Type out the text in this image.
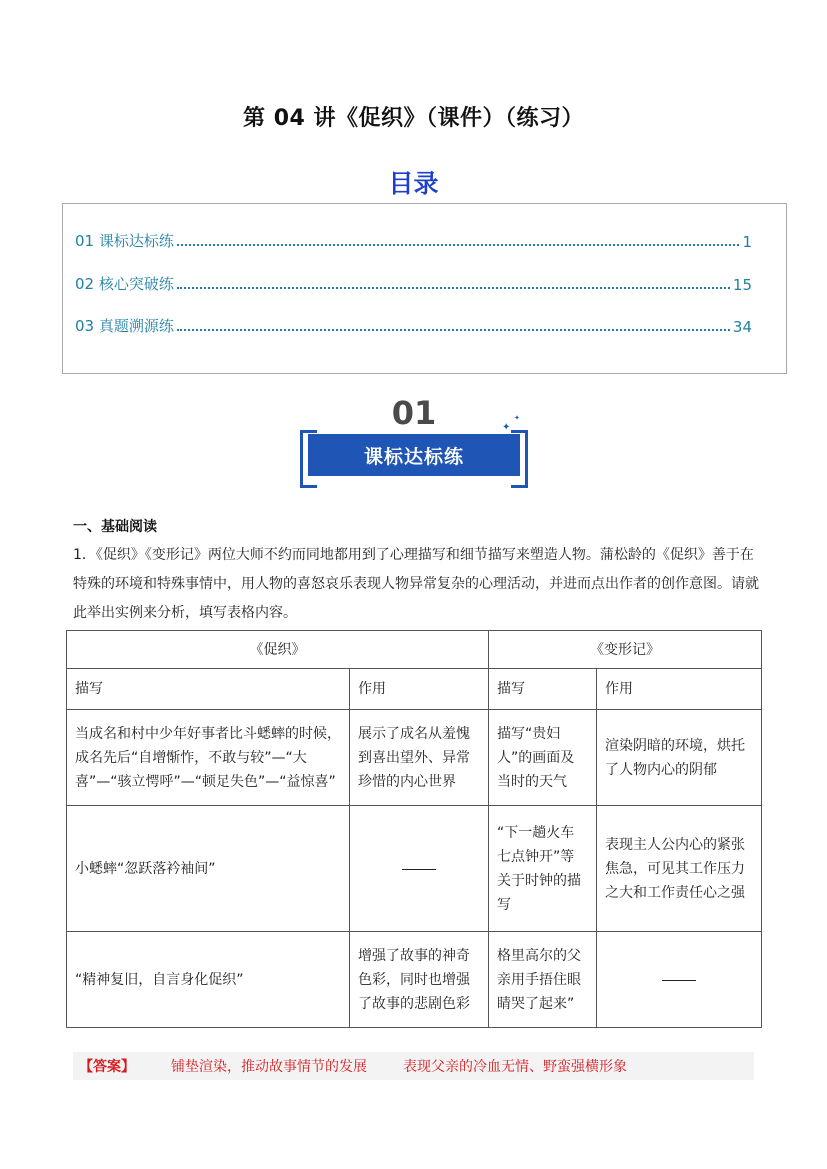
第 04 讲《促织》（课件）（练习）
目录
01 课标达标练	1
02 核心突破练	15
03 真题溯源练	34
01
课标达标练
✦
✦
一、基础阅读
1．《促织》《变形记》两位大师不约而同地都用到了心理描写和细节描写来塑造人物。蒲松龄的《促织》善于在特殊的环境和特殊事情中，用人物的喜怒哀乐表现人物异常复杂的心理活动，并进而点出作者的创作意图。请就此举出实例来分析，填写表格内容。
《促织》		《变形记》	
描写	作用	描写	作用
当成名和村中少年好事者比斗蟋蟀的时候，成名先后“自增惭怍，不敢与较”—“大喜”—“骇立愕呼”—“顿足失色”—“益惊喜”	展示了成名从羞愧到喜出望外、异常珍惜的内心世界	描写“贵妇人”的画面及当时的天气	渲染阴暗的环境，烘托了人物内心的阴郁
小蟋蟀“忽跃落衿袖间”		“下一趟火车七点钟开”等关于时钟的描写	表现主人公内心的紧张焦急，可见其工作压力之大和工作责任心之强
“精神复旧，自言身化促织”	增强了故事的神奇色彩，同时也增强了故事的悲剧色彩	格里高尔的父亲用手捂住眼睛哭了起来”	
【答案】	铺垫渲染，推动故事情节的发展	表现父亲的冷血无情、野蛮强横形象
